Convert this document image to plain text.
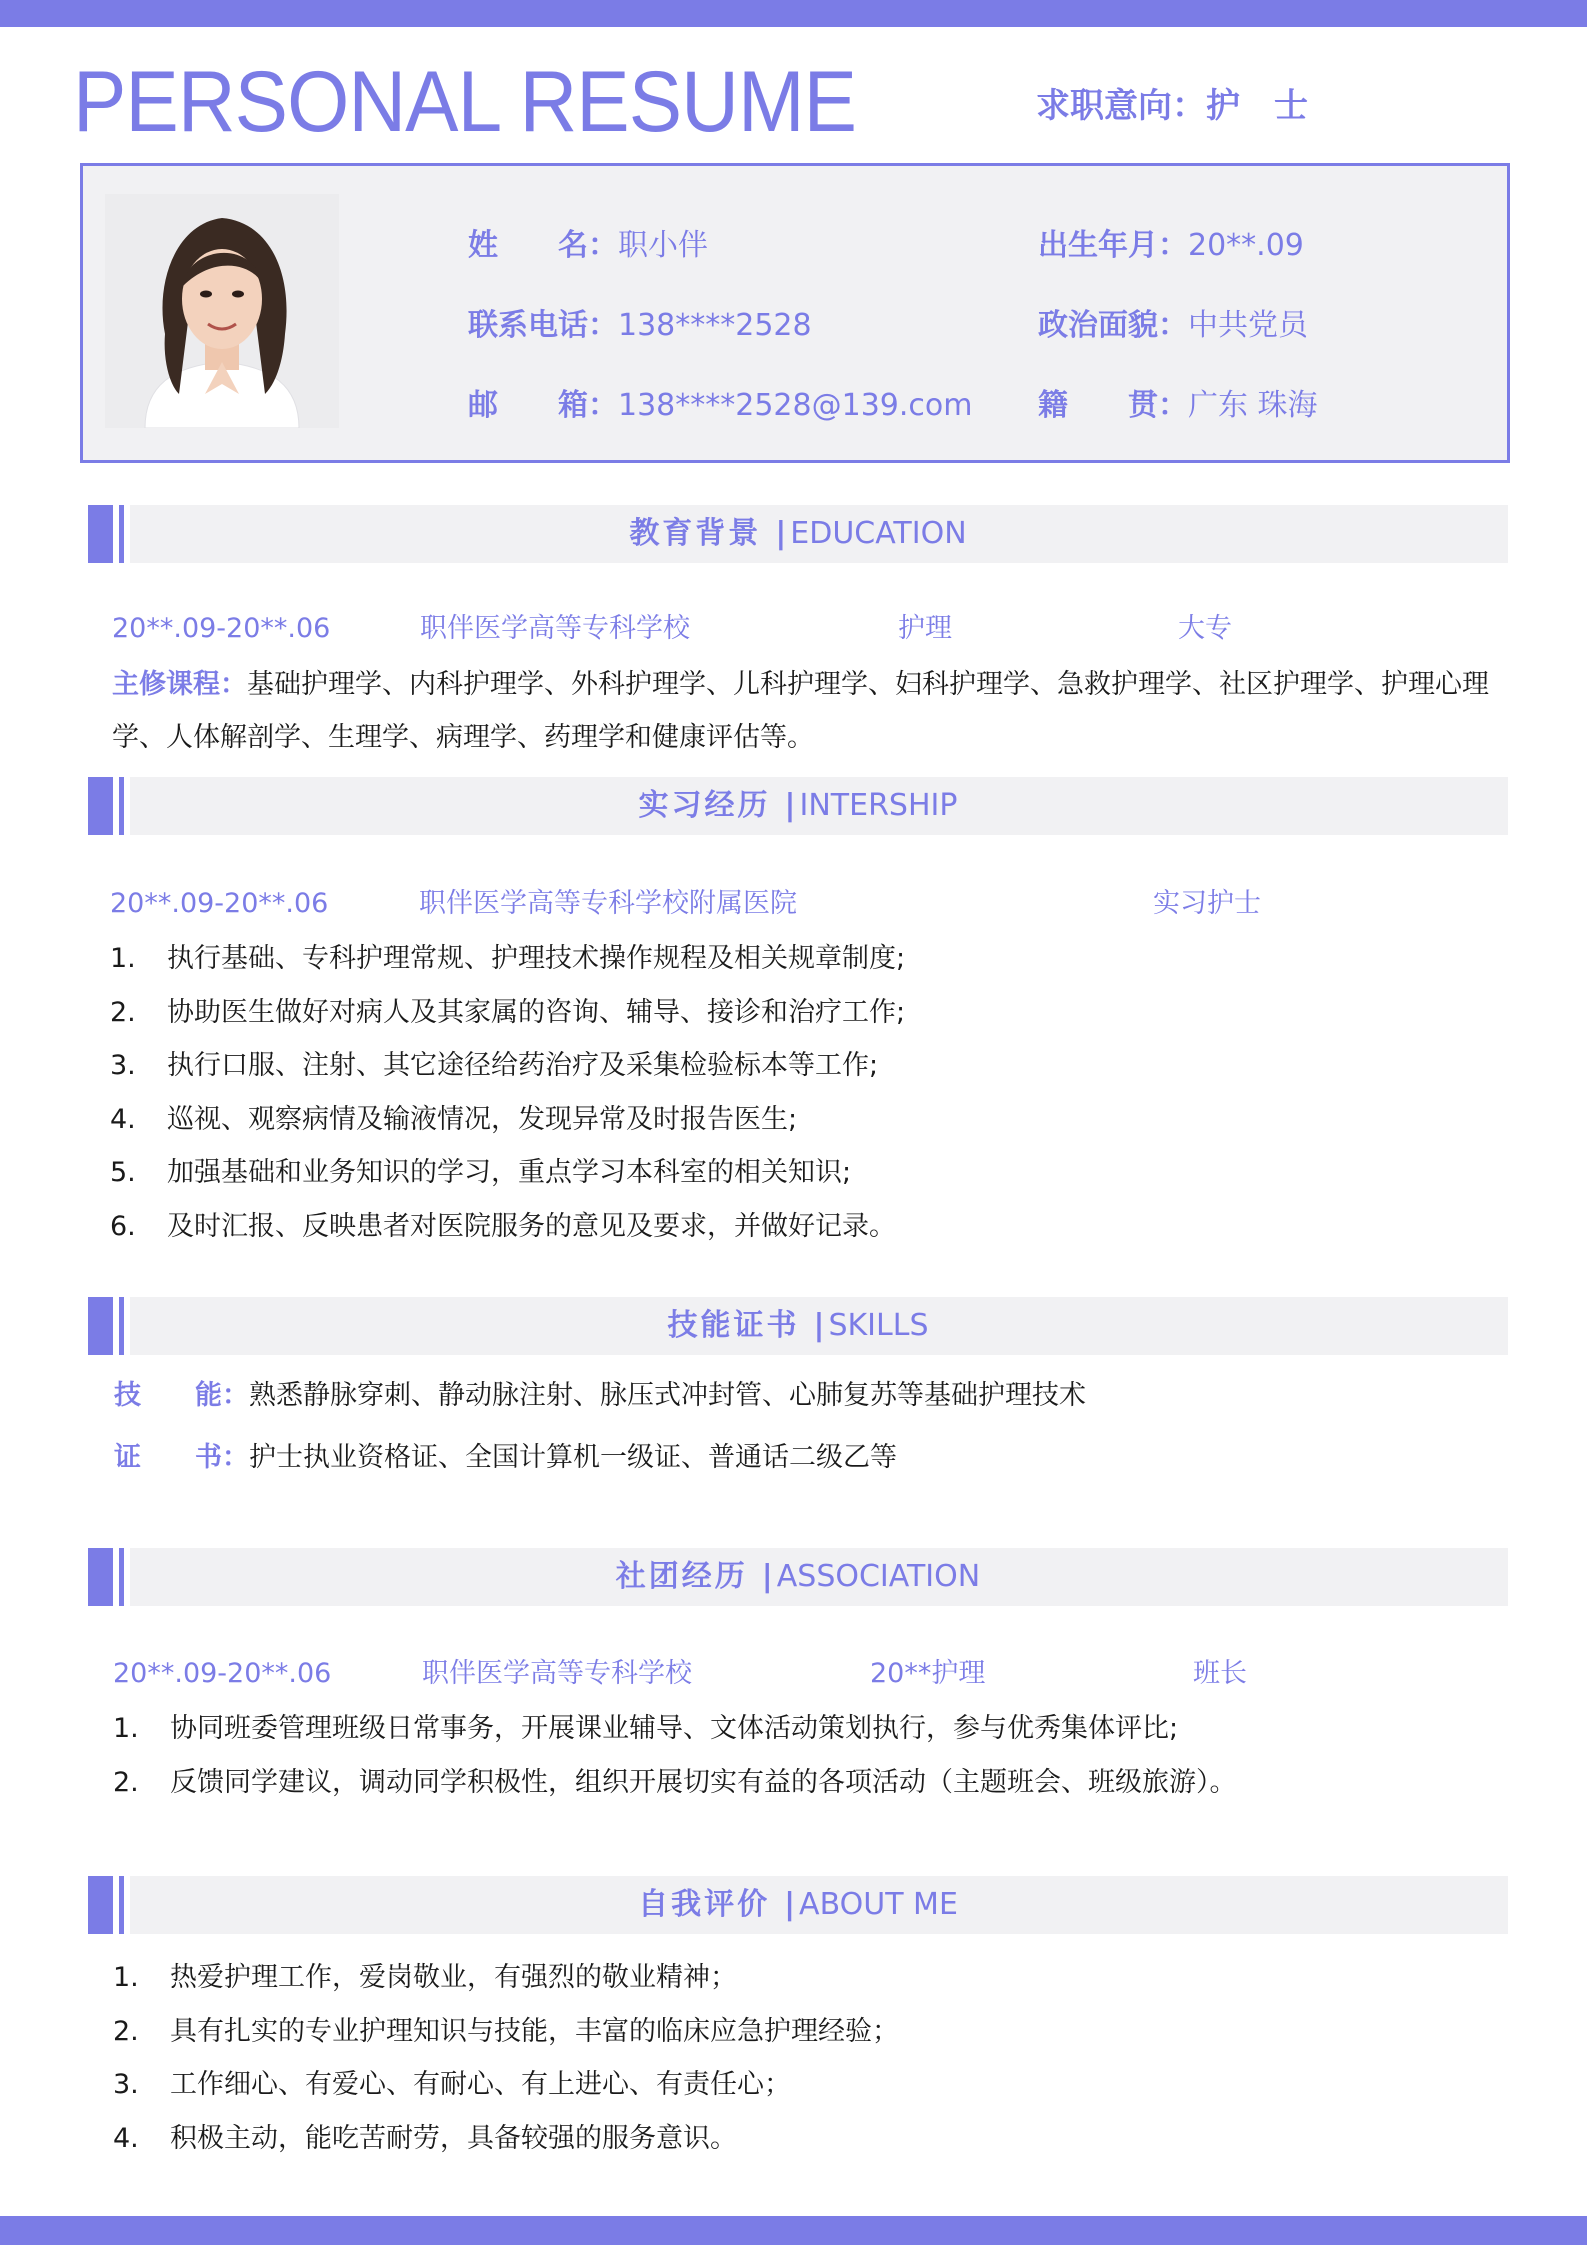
PERSONAL RESUME	求职意向：护　士
姓　　名：职小伴	出生年月：20**.09
联系电话：138****2528	政治面貌：中共党员
邮　　箱：138****2528@139.com 籍　　贯：广东 珠海
教育背景 | EDUCATION
20**.09-20**.06	职伴医学高等专科学校	护理	大专
主修课程：基础护理学、内科护理学、外科护理学、儿科护理学、妇科护理学、急救护理学、社区护理学、护理心理学、人体解剖学、生理学、病理学、药理学和健康评估等。
实习经历 | INTERSHIP
20**.09-20**.06	职伴医学高等专科学校附属医院	实习护士
1. 执行基础、专科护理常规、护理技术操作规程及相关规章制度;
2. 协助医生做好对病人及其家属的咨询、辅导、接诊和治疗工作;
3. 执行口服、注射、其它途径给药治疗及采集检验标本等工作;
4. 巡视、观察病情及输液情况，发现异常及时报告医生;
5. 加强基础和业务知识的学习，重点学习本科室的相关知识;
6. 及时汇报、反映患者对医院服务的意见及要求，并做好记录。
技能证书 | SKILLS
技　　能：熟悉静脉穿刺、静动脉注射、脉压式冲封管、心肺复苏等基础护理技术
证　　书：护士执业资格证、全国计算机一级证、普通话二级乙等
社团经历 | ASSOCIATION
20**.09-20**.06	职伴医学高等专科学校	20**护理	班长
1. 协同班委管理班级日常事务，开展课业辅导、文体活动策划执行，参与优秀集体评比;
2. 反馈同学建议，调动同学积极性，组织开展切实有益的各项活动（主题班会、班级旅游）。
自我评价 | ABOUT ME
1. 热爱护理工作，爱岗敬业，有强烈的敬业精神；
2. 具有扎实的专业护理知识与技能，丰富的临床应急护理经验；
3. 工作细心、有爱心、有耐心、有上进心、有责任心；
4. 积极主动，能吃苦耐劳，具备较强的服务意识。
